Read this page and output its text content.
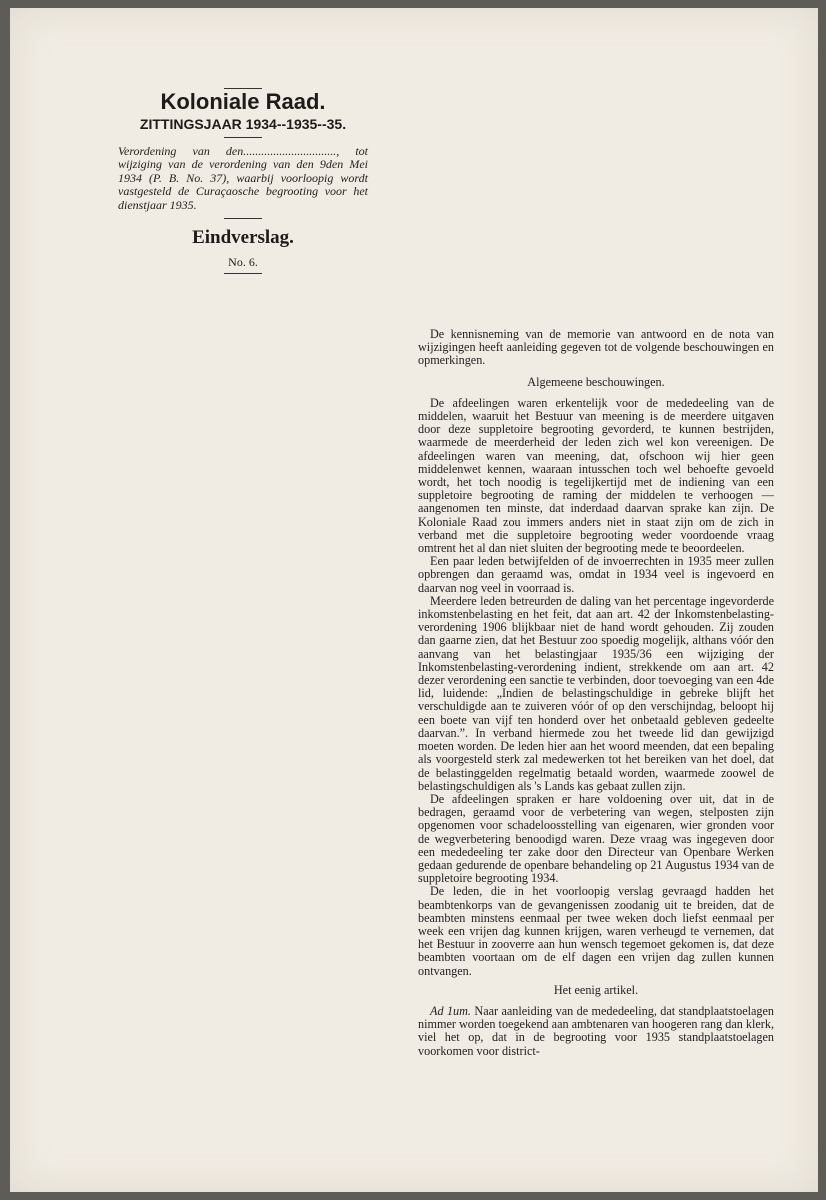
Koloniale Raad.
ZITTINGSJAAR 1934--1935--35.
Verordening van den..............................., tot wijziging van de verordening van den 9den Mei 1934 (P. B. No. 37), waarbij voorloopig wordt vastgesteld de Curaçaosche begrooting voor het dienstjaar 1935.
Eindverslag.
No. 6.

De kennisneming van de memorie van antwoord en de nota van wijzigingen heeft aanleiding gegeven tot de volgende beschouwingen en opmerkingen.

Algemeene beschouwingen.

De afdeelingen waren erkentelijk voor de mededeeling van de middelen, waaruit het Bestuur van meening is de meerdere uitgaven door deze suppletoire begrooting gevorderd, te kunnen bestrijden, waarmede de meerderheid der leden zich wel kon vereenigen. De afdeelingen waren van meening, dat, ofschoon wij hier geen middelenwet kennen, waaraan intusschen toch wel behoefte gevoeld wordt, het toch noodig is tegelijkertijd met de indiening van een suppletoire begrooting de raming der middelen te verhoogen — aangenomen ten minste, dat inderdaad daarvan sprake kan zijn. De Koloniale Raad zou immers anders niet in staat zijn om de zich in verband met die suppletoire begrooting weder voordoende vraag omtrent het al dan niet sluiten der begrooting mede te beoordeelen.

Een paar leden betwijfelden of de invoerrechten in 1935 meer zullen opbrengen dan geraamd was, omdat in 1934 veel is ingevoerd en daarvan nog veel in voorraad is.

Meerdere leden betreurden de daling van het percentage ingevorderde inkomstenbelasting en het feit, dat aan art. 42 der Inkomstenbelasting-verordening 1906 blijkbaar niet de hand wordt gehouden. Zij zouden dan gaarne zien, dat het Bestuur zoo spoedig mogelijk, althans vóór den aanvang van het belastingjaar 1935/36 een wijziging der Inkomstenbelasting-verordening indient, strekkende om aan art. 42 dezer verordening een sanctie te verbinden, door toevoeging van een 4de lid, luidende: „Indien de belastingschuldige in gebreke blijft het verschuldigde aan te zuiveren vóór of op den verschijndag, beloopt hij een boete van vijf ten honderd over het onbetaald gebleven gedeelte daarvan.”. In verband hiermede zou het tweede lid dan gewijzigd moeten worden. De leden hier aan het woord meenden, dat een bepaling als voorgesteld sterk zal medewerken tot het bereiken van het doel, dat de belastinggelden regelmatig betaald worden, waarmede zoowel de belastingschuldigen als 's Lands kas gebaat zullen zijn.

De afdeelingen spraken er hare voldoening over uit, dat in de bedragen, geraamd voor de verbetering van wegen, stelposten zijn opgenomen voor schadeloosstelling van eigenaren, wier gronden voor de wegverbetering benoodigd waren. Deze vraag was ingegeven door een mededeeling ter zake door den Directeur van Openbare Werken gedaan gedurende de openbare behandeling op 21 Augustus 1934 van de suppletoire begrooting 1934.

De leden, die in het voorloopig verslag gevraagd hadden het beambtenkorps van de gevangenissen zoodanig uit te breiden, dat de beambten minstens eenmaal per twee weken doch liefst eenmaal per week een vrijen dag kunnen krijgen, waren verheugd te vernemen, dat het Bestuur in zooverre aan hun wensch tegemoet gekomen is, dat deze beambten voortaan om de elf dagen een vrijen dag zullen kunnen ontvangen.

Het eenig artikel.

Ad 1um. Naar aanleiding van de mededeeling, dat standplaatstoelagen nimmer worden toegekend aan ambtenaren van hoogeren rang dan klerk, viel het op, dat in de begrooting voor 1935 standplaatstoelagen voorkomen voor district-
